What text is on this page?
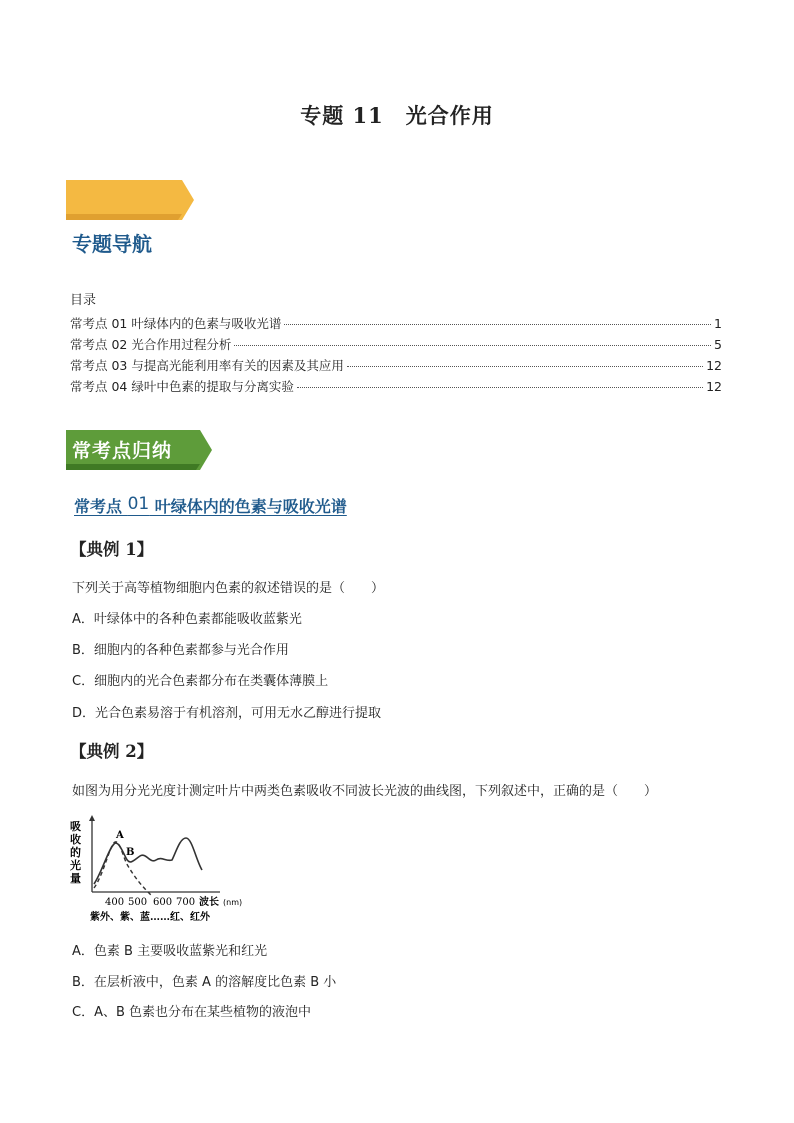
专题 11　光合作用
专题导航
目录
常考点 01 叶绿体内的色素与吸收光谱	1
常考点 02 光合作用过程分析	5
常考点 03 与提高光能利用率有关的因素及其应用	12
常考点 04 绿叶中色素的提取与分离实验	12
常考点归纳
常考点 01 叶绿体内的色素与吸收光谱
【典例 1】
下列关于高等植物细胞内色素的叙述错误的是（　　）
A．叶绿体中的各种色素都能吸收蓝紫光
B．细胞内的各种色素都参与光合作用
C．细胞内的光合色素都分布在类囊体薄膜上
D．光合色素易溶于有机溶剂，可用无水乙醇进行提取
【典例 2】
如图为用分光光度计测定叶片中两类色素吸收不同波长光波的曲线图，下列叙述中，正确的是（　　）
吸
收
的
光
量
A
B
400 500 600 700 波长 (nm)
紫外、紫、蓝……红、红外
A．色素 B 主要吸收蓝紫光和红光
B．在层析液中，色素 A 的溶解度比色素 B 小
C．A、B 色素也分布在某些植物的液泡中
